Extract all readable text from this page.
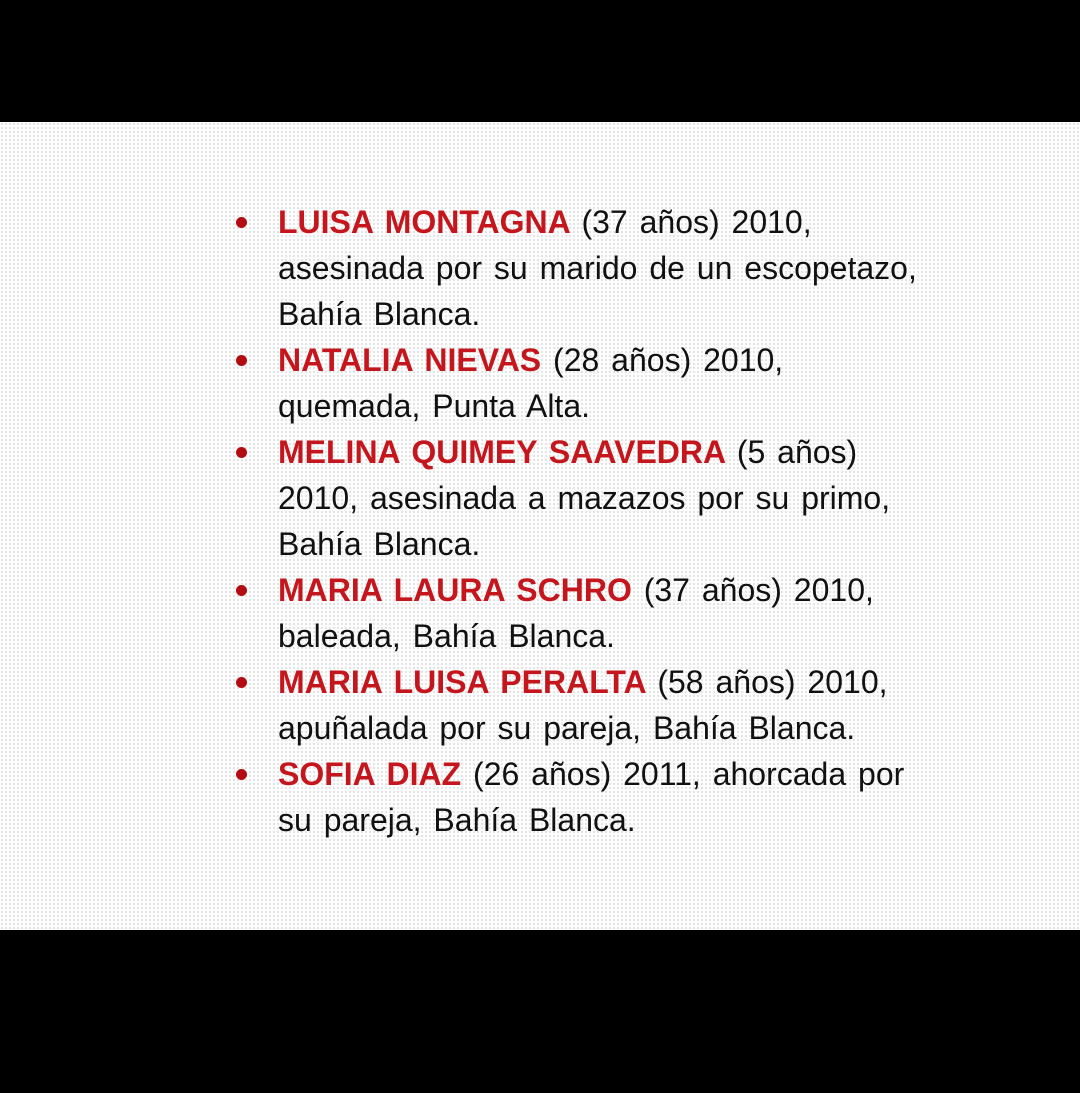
LUISA MONTAGNA (37 años) 2010, asesinada por su marido de un escopetazo, Bahía Blanca.
NATALIA NIEVAS (28 años) 2010, quemada, Punta Alta.
MELINA QUIMEY SAAVEDRA (5 años) 2010, asesinada a mazazos por su primo, Bahía Blanca.
MARIA LAURA SCHRO (37 años) 2010, baleada, Bahía Blanca.
MARIA LUISA PERALTA (58 años) 2010, apuñalada por su pareja, Bahía Blanca.
SOFIA DIAZ (26 años) 2011, ahorcada por su pareja, Bahía Blanca.
